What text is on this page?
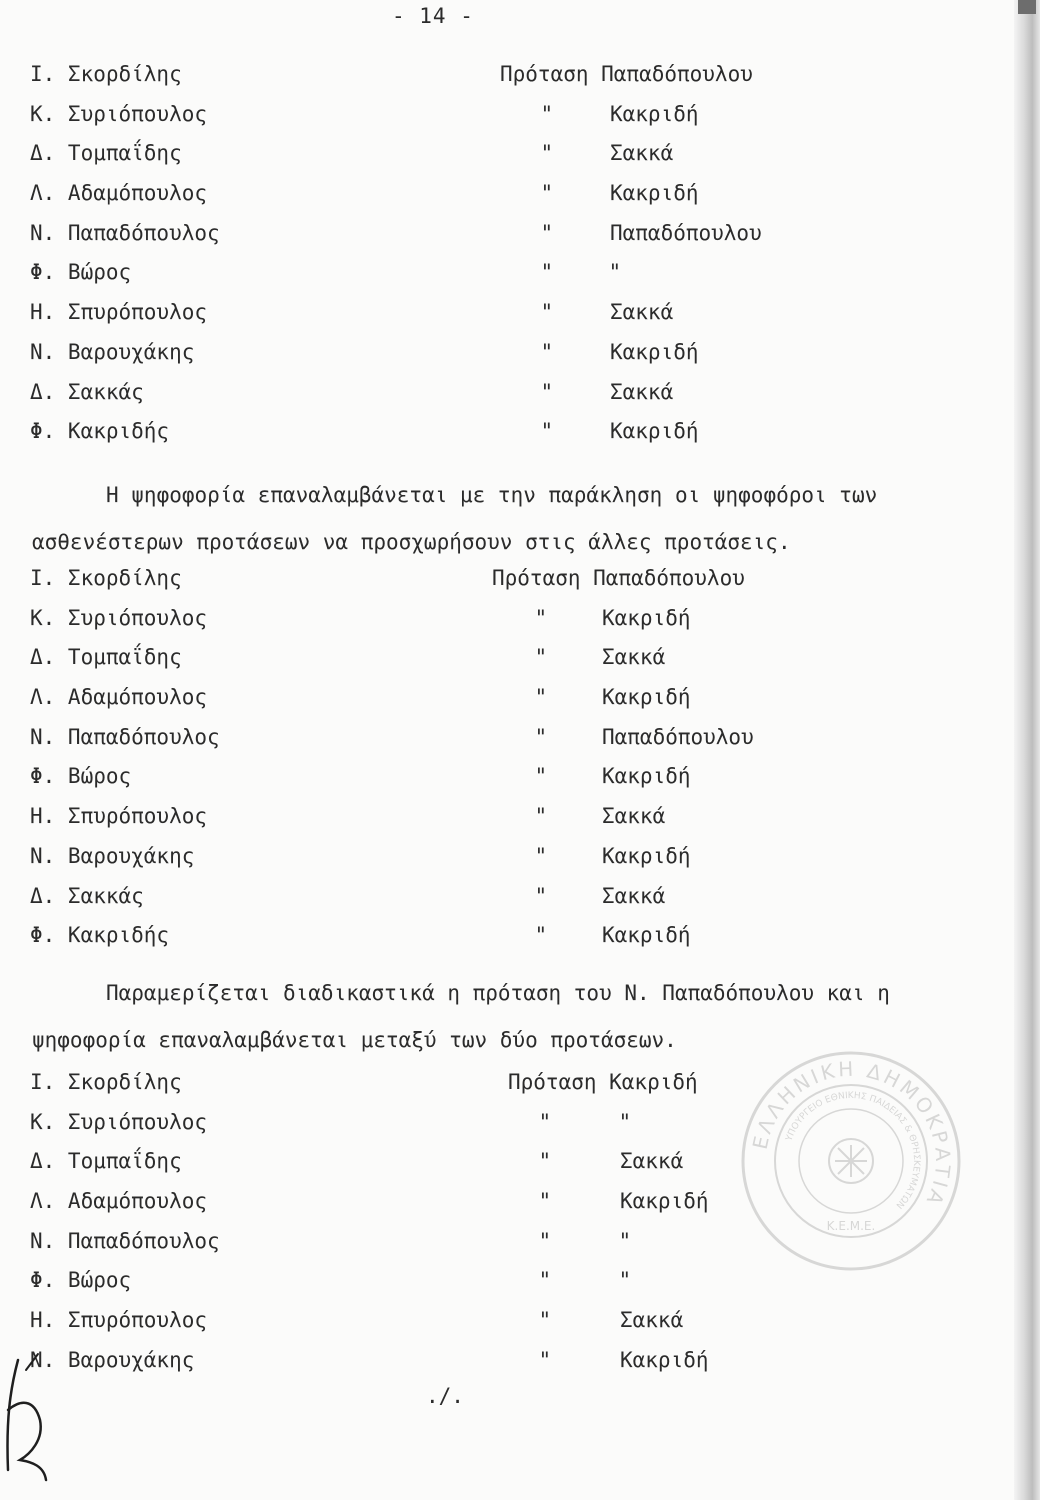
- 14 -
Ι. Σκορδίλης	Πρόταση Παπαδόπουλου
Κ. Συριόπουλος	"	Κακριδή
Δ. Τομπαΐδης	"	Σακκά
Λ. Αδαμόπουλος	"	Κακριδή
Ν. Παπαδόπουλος	"	Παπαδόπουλου
Φ. Βώρος	"	"
Η. Σπυρόπουλος	"	Σακκά
Ν. Βαρουχάκης	"	Κακριδή
Δ. Σακκάς	"	Σακκά
Φ. Κακριδής	"	Κακριδή
Η ψηφοφορία επαναλαμβάνεται με την παράκληση οι ψηφοφόροι των
ασθενέστερων προτάσεων να προσχωρήσουν στις άλλες προτάσεις.
Ι. Σκορδίλης	Πρόταση Παπαδόπουλου
Κ. Συριόπουλος	"	Κακριδή
Δ. Τομπαΐδης	"	Σακκά
Λ. Αδαμόπουλος	"	Κακριδή
Ν. Παπαδόπουλος	"	Παπαδόπουλου
Φ. Βώρος	"	Κακριδή
Η. Σπυρόπουλος	"	Σακκά
Ν. Βαρουχάκης	"	Κακριδή
Δ. Σακκάς	"	Σακκά
Φ. Κακριδής	"	Κακριδή
Παραμερίζεται διαδικαστικά η πρόταση του Ν. Παπαδόπουλου και η
ψηφοφορία επαναλαμβάνεται μεταξύ των δύο προτάσεων.
Ι. Σκορδίλης	Πρόταση Κακριδή
Κ. Συριόπουλος	"	"
Δ. Τομπαΐδης	"	Σακκά
Λ. Αδαμόπουλος	"	Κακριδή
Ν. Παπαδόπουλος	"	"
Φ. Βώρος	"	"
Η. Σπυρόπουλος	"	Σακκά
Ν. Βαρουχάκης	"	Κακριδή
./.
ΕΛΛΗΝΙΚΗ ΔΗΜΟΚΡΑΤΙΑ
ΥΠΟΥΡΓΕΙΟ ΕΘΝΙΚΗΣ ΠΑΙΔΕΙΑΣ & ΘΡΗΣΚΕΥΜΑΤΩΝ
Κ.Ε.Μ.Ε.
